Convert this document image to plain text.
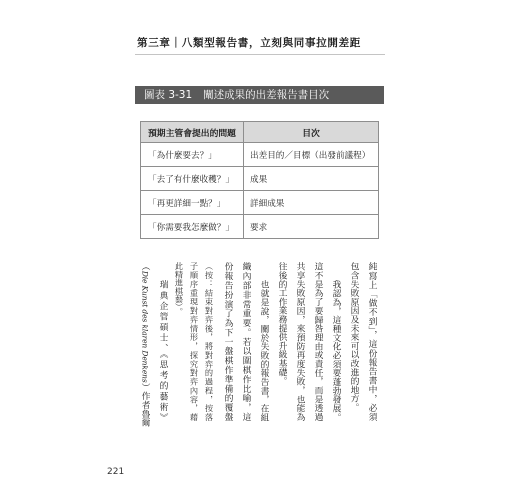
第三章｜八類型報告書，立刻與同事拉開差距
圖表 3-31 闡述成果的出差報告書目次
預期主管會提出的問題	目次
「為什麼要去？」	出差目的／目標（出發前議程）
「去了有什麼收穫？」	成果
「再更詳細一點？」	詳細成果
「你需要我怎麼做？」	要求
純寫上「做不到」，這份報告書中，必須
包含失敗原因及未來可以改進的地方。
我認為，這種文化必須要蓬勃發展。
這不是為了要歸咎理由或責任，而是透過
共享失敗原因，來預防再度失敗，也能為
往後的工作業務提供升級基礎。
也就是說，關於失敗的報告書，在組
織內部非常重要。若以圍棋作比喻，這
份報告扮演了為下一盤棋作準備的覆盤
（按：結束對弈後，將對弈的過程，按落
子順序重現對弈情形，探究對弈內容，藉
此精進棋藝）。
瑞典企管碩士、《思考的藝術》
（Die Kunst des klaren Denkens）作者魯爾
221
